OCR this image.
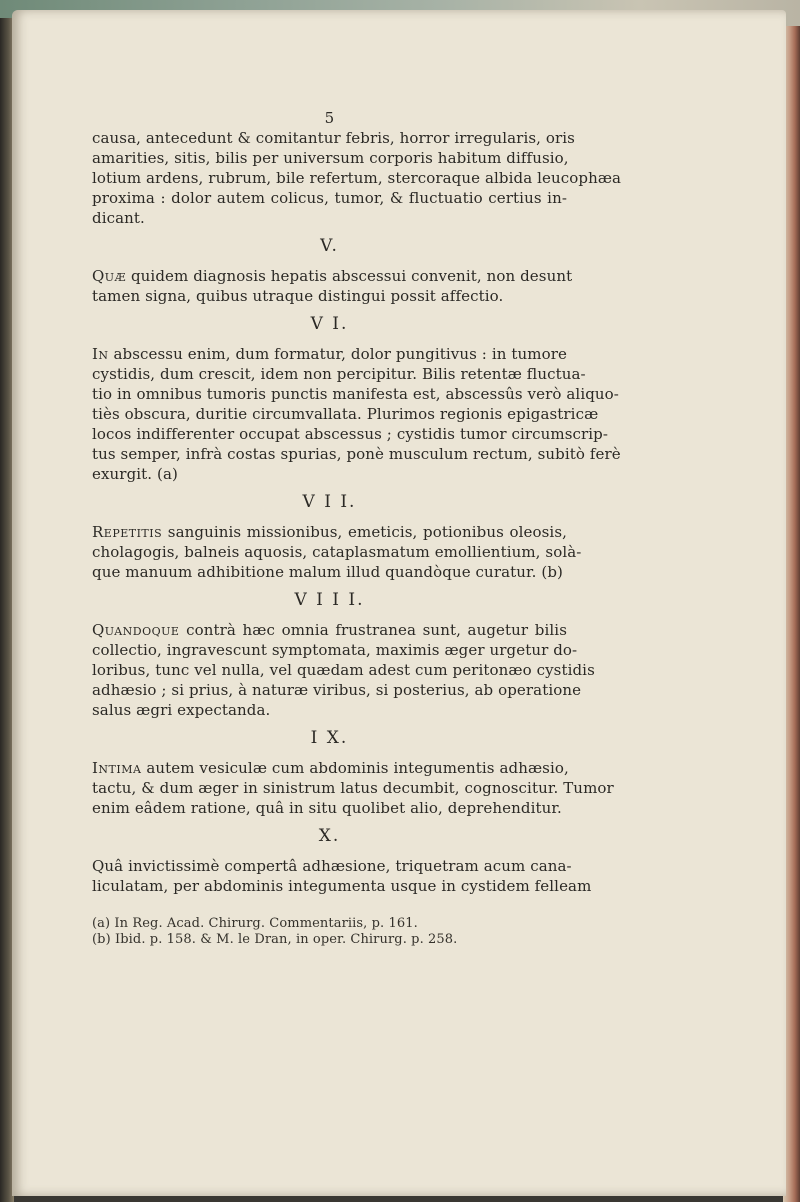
5
causa, antecedunt & comitantur febris, horror irregularis, oris
amarities, sitis, bilis per universum corporis habitum diffusio,
lotium ardens, rubrum, bile refertum, stercoraque albida leucophæa
proxima : dolor autem colicus, tumor, & fluctuatio certius in-
dicant.
V.
Quæ quidem diagnosis hepatis abscessui convenit, non desunt
tamen signa, quibus utraque distingui possit affectio.
V I.
In abscessu enim, dum formatur, dolor pungitivus : in tumore
cystidis, dum crescit, idem non percipitur. Bilis retentæ fluctua-
tio in omnibus tumoris punctis manifesta est, abscessûs verò aliquo-
tiès obscura, duritie circumvallata. Plurimos regionis epigastricæ
locos indifferenter occupat abscessus ; cystidis tumor circumscrip-
tus semper, infrà costas spurias, ponè musculum rectum, subitò ferè
exurgit. (a)
V I I.
Repetitis sanguinis missionibus, emeticis, potionibus oleosis,
cholagogis, balneis aquosis, cataplasmatum emollientium, solà-
que manuum adhibitione malum illud quandòque curatur. (b)
V I I I.
Quandoque contrà hæc omnia frustranea sunt, augetur bilis
collectio, ingravescunt symptomata, maximis æger urgetur do-
loribus, tunc vel nulla, vel quædam adest cum peritonæo cystidis
adhæsio ; si prius, à naturæ viribus, si posterius, ab operatione
salus ægri expectanda.
I X.
Intima autem vesiculæ cum abdominis integumentis adhæsio,
tactu, & dum æger in sinistrum latus decumbit, cognoscitur. Tumor
enim eâdem ratione, quâ in situ quolibet alio, deprehenditur.
X.
Quâ invictissimè compertâ adhæsione, triquetram acum cana-
liculatam, per abdominis integumenta usque in cystidem felleam
(a) In Reg. Acad. Chirurg. Commentariis, p. 161.
(b) Ibid. p. 158. & M. le Dran, in oper. Chirurg. p. 258.
